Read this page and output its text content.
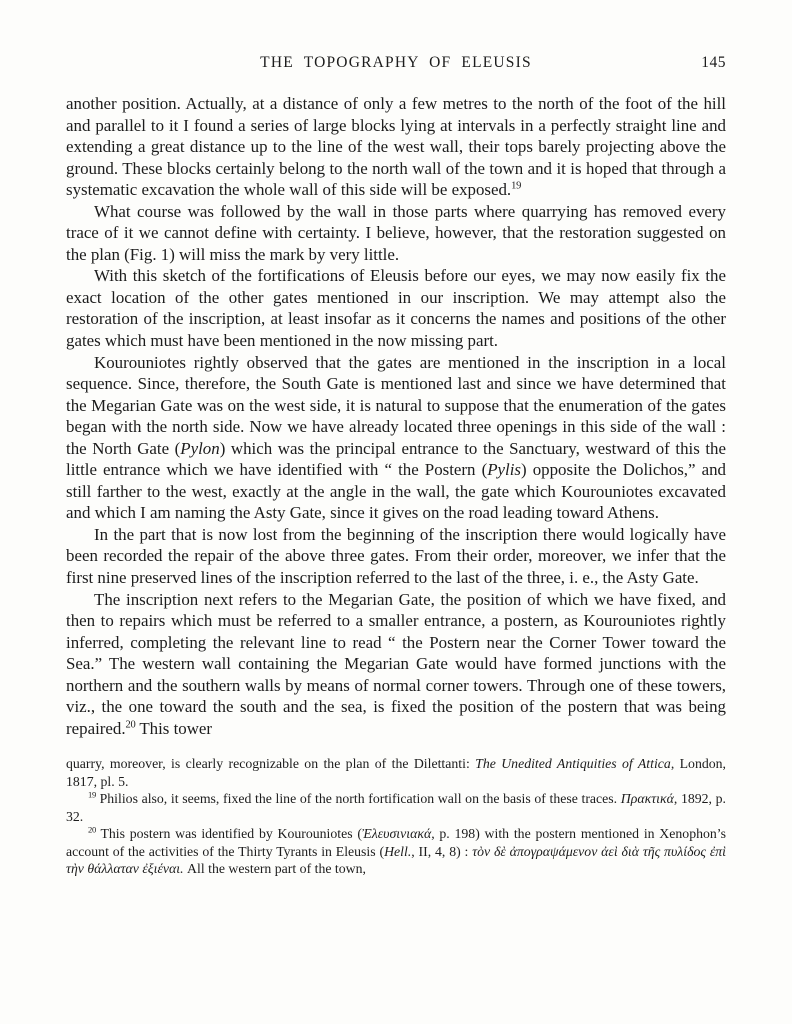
THE TOPOGRAPHY OF ELEUSIS	145

another position. Actually, at a distance of only a few metres to the north of the foot of the hill and parallel to it I found a series of large blocks lying at intervals in a perfectly straight line and extending a great distance up to the line of the west wall, their tops barely projecting above the ground. These blocks certainly belong to the north wall of the town and it is hoped that through a systematic excavation the whole wall of this side will be exposed.$^{19}$

What course was followed by the wall in those parts where quarrying has removed every trace of it we cannot define with certainty. I believe, however, that the restoration suggested on the plan (Fig. 1) will miss the mark by very little.

With this sketch of the fortifications of Eleusis before our eyes, we may now easily fix the exact location of the other gates mentioned in our inscription. We may attempt also the restoration of the inscription, at least insofar as it concerns the names and positions of the other gates which must have been mentioned in the now missing part.

Kourouniotes rightly observed that the gates are mentioned in the inscription in a local sequence. Since, therefore, the South Gate is mentioned last and since we have determined that the Megarian Gate was on the west side, it is natural to suppose that the enumeration of the gates began with the north side. Now we have already located three openings in this side of the wall : the North Gate (Pylon) which was the principal entrance to the Sanctuary, westward of this the little entrance which we have identified with “ the Postern (Pylis) opposite the Dolichos,” and still farther to the west, exactly at the angle in the wall, the gate which Kourouniotes excavated and which I am naming the Asty Gate, since it gives on the road leading toward Athens.

In the part that is now lost from the beginning of the inscription there would logically have been recorded the repair of the above three gates. From their order, moreover, we infer that the first nine preserved lines of the inscription referred to the last of the three, i. e., the Asty Gate.

The inscription next refers to the Megarian Gate, the position of which we have fixed, and then to repairs which must be referred to a smaller entrance, a postern, as Kourouniotes rightly inferred, completing the relevant line to read “ the Postern near the Corner Tower toward the Sea.” The western wall containing the Megarian Gate would have formed junctions with the northern and the southern walls by means of normal corner towers. Through one of these towers, viz., the one toward the south and the sea, is fixed the position of the postern that was being repaired.$^{20}$ This tower

quarry, moreover, is clearly recognizable on the plan of the Dilettanti: The Unedited Antiquities of Attica, London, 1817, pl. 5.

$^{19}$ Philios also, it seems, fixed the line of the north fortification wall on the basis of these traces. Πρακτικά, 1892, p. 32.

$^{20}$ This postern was identified by Kourouniotes (Ἐλευσινιακά, p. 198) with the postern mentioned in Xenophon’s account of the activities of the Thirty Tyrants in Eleusis (Hell., II, 4, 8) : τὸν δὲ ἀπογραψάμενον ἀεὶ διὰ τῆς πυλίδος ἐπὶ τὴν θάλλαταν ἐξιέναι. All the western part of the town,
